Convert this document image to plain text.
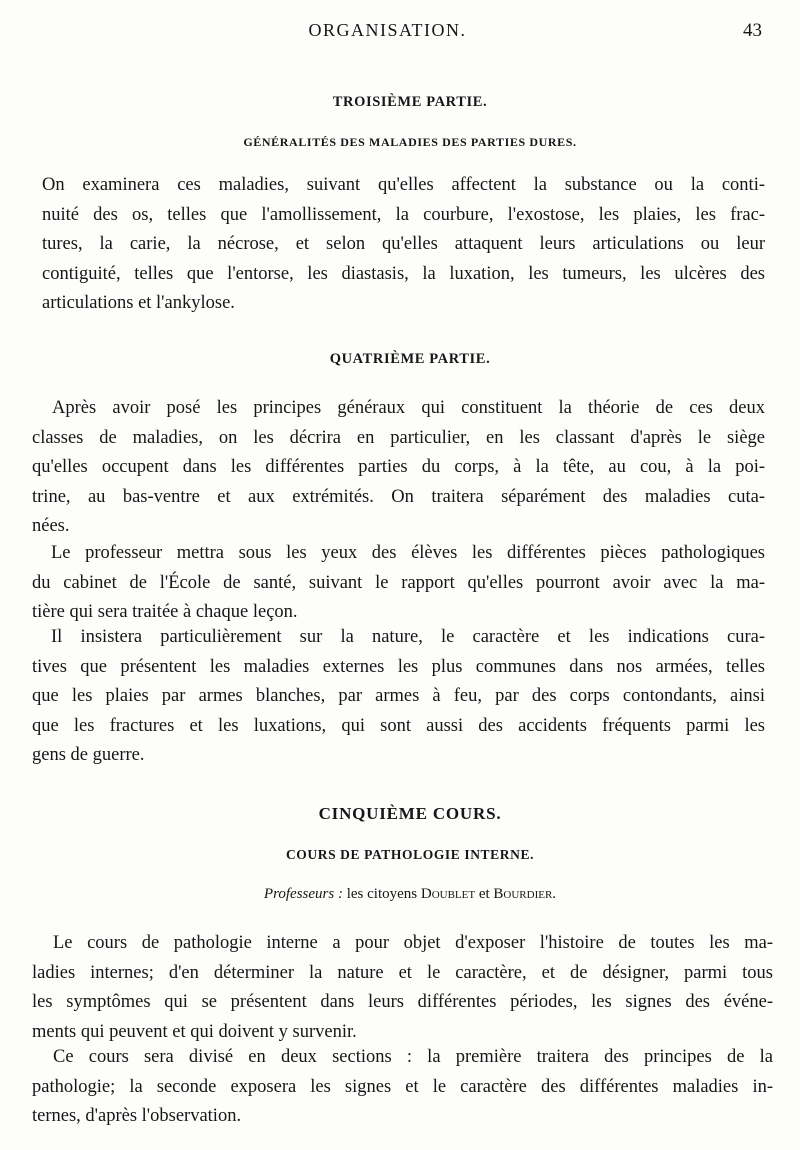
ORGANISATION.	43
TROISIÈME PARTIE.
GÉNÉRALITÉS DES MALADIES DES PARTIES DURES.
On examinera ces maladies, suivant qu'elles affectent la substance ou la conti-
nuité des os, telles que l'amollissement, la courbure, l'exostose, les plaies, les frac-
tures, la carie, la nécrose, et selon qu'elles attaquent leurs articulations ou leur
contiguité, telles que l'entorse, les diastasis, la luxation, les tumeurs, les ulcères des
articulations et l'ankylose.
QUATRIÈME PARTIE.
Après avoir posé les principes généraux qui constituent la théorie de ces deux
classes de maladies, on les décrira en particulier, en les classant d'après le siège
qu'elles occupent dans les différentes parties du corps, à la tête, au cou, à la poi-
trine, au bas-ventre et aux extrémités. On traitera séparément des maladies cuta-
nées.
Le professeur mettra sous les yeux des élèves les différentes pièces pathologiques
du cabinet de l'École de santé, suivant le rapport qu'elles pourront avoir avec la ma-
tière qui sera traitée à chaque leçon.
Il insistera particulièrement sur la nature, le caractère et les indications cura-
tives que présentent les maladies externes les plus communes dans nos armées, telles
que les plaies par armes blanches, par armes à feu, par des corps contondants, ainsi
que les fractures et les luxations, qui sont aussi des accidents fréquents parmi les
gens de guerre.
CINQUIÈME COURS.
COURS DE PATHOLOGIE INTERNE.
Professeurs : les citoyens Doublet et Bourdier.
Le cours de pathologie interne a pour objet d'exposer l'histoire de toutes les ma-
ladies internes; d'en déterminer la nature et le caractère, et de désigner, parmi tous
les symptômes qui se présentent dans leurs différentes périodes, les signes des événe-
ments qui peuvent et qui doivent y survenir.
Ce cours sera divisé en deux sections : la première traitera des principes de la
pathologie; la seconde exposera les signes et le caractère des différentes maladies in-
ternes, d'après l'observation.
